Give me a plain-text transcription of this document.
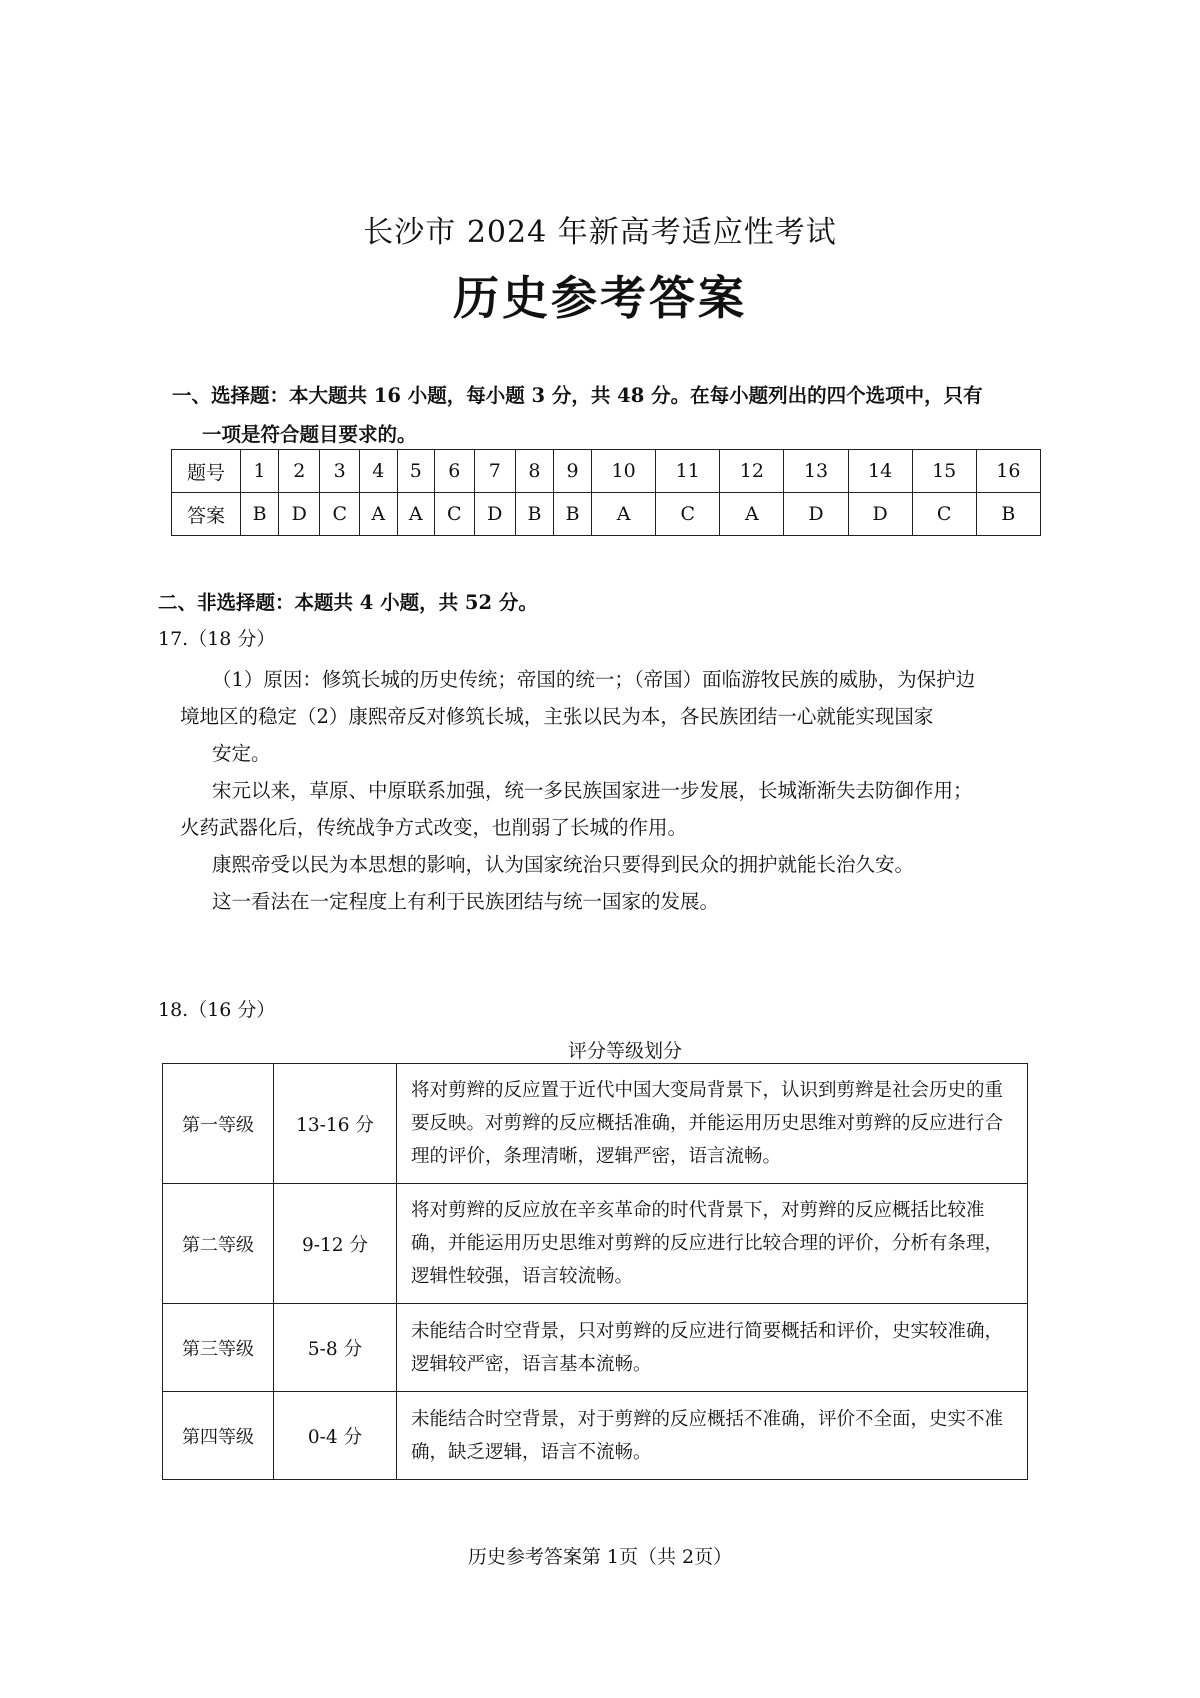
长沙市 2024 年新高考适应性考试
历史参考答案
一、选择题：本大题共 16 小题，每小题 3 分，共 48 分。在每小题列出的四个选项中，只有
一项是符合题目要求的。
题号	1	2	3	4	5	6	7	8	9	10	11	12	13	14	15	16
答案	B	D	C	A	A	C	D	B	B	A	C	A	D	D	C	B
二、非选择题：本题共 4 小题，共 52 分。
17.（18 分）
（1）原因：修筑长城的历史传统；帝国的统一；（帝国）面临游牧民族的威胁，为保护边
境地区的稳定（2）康熙帝反对修筑长城，主张以民为本，各民族团结一心就能实现国家
安定。
宋元以来，草原、中原联系加强，统一多民族国家进一步发展，长城渐渐失去防御作用；
火药武器化后，传统战争方式改变，也削弱了长城的作用。
康熙帝受以民为本思想的影响，认为国家统治只要得到民众的拥护就能长治久安。
这一看法在一定程度上有利于民族团结与统一国家的发展。
18.（16 分）
评分等级划分
第一等级	13-16 分	将对剪辫的反应置于近代中国大变局背景下，认识到剪辫是社会历史的重要反映。对剪辫的反应概括准确，并能运用历史思维对剪辫的反应进行合理的评价，条理清晰，逻辑严密，语言流畅。
第二等级	9-12 分	将对剪辫的反应放在辛亥革命的时代背景下，对剪辫的反应概括比较准确，并能运用历史思维对剪辫的反应进行比较合理的评价，分析有条理，逻辑性较强，语言较流畅。
第三等级	5-8 分	未能结合时空背景，只对剪辫的反应进行简要概括和评价，史实较准确，逻辑较严密，语言基本流畅。
第四等级	0-4 分	未能结合时空背景，对于剪辫的反应概括不准确，评价不全面，史实不准确，缺乏逻辑，语言不流畅。
历史参考答案第 1页（共 2页）
